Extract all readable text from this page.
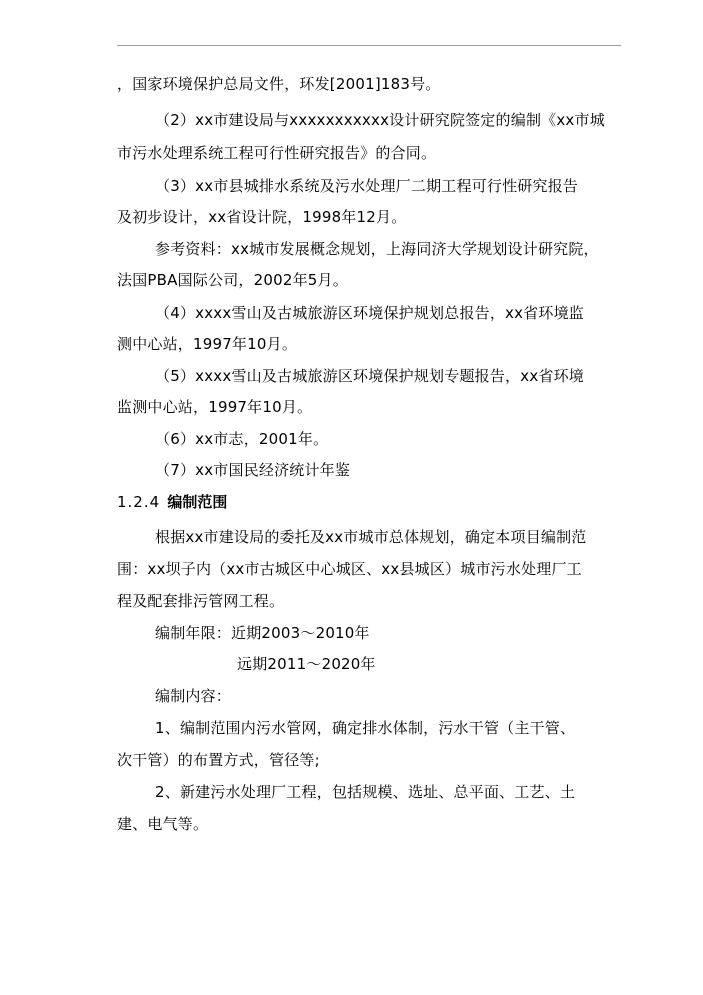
，国家环境保护总局文件，环发[2001]183号。
（2）xx市建设局与xxxxxxxxxxx设计研究院签定的编制《xx市城
市污水处理系统工程可行性研究报告》的合同。
（3）xx市县城排水系统及污水处理厂二期工程可行性研究报告
及初步设计，xx省设计院，1998年12月。
参考资料：xx城市发展概念规划，上海同济大学规划设计研究院，
法国PBA国际公司，2002年5月。
（4）xxxx雪山及古城旅游区环境保护规划总报告，xx省环境监
测中心站，1997年10月。
（5）xxxx雪山及古城旅游区环境保护规划专题报告，xx省环境
监测中心站，1997年10月。
（6）xx市志，2001年。
（7）xx市国民经济统计年鉴
1.2.4 编制范围
根据xx市建设局的委托及xx市城市总体规划，确定本项目编制范
围：xx坝子内（xx市古城区中心城区、xx县城区）城市污水处理厂工
程及配套排污管网工程。
编制年限：近期2003～2010年
远期2011～2020年
编制内容：
1、编制范围内污水管网，确定排水体制，污水干管（主干管、
次干管）的布置方式，管径等;
2、新建污水处理厂工程，包括规模、选址、总平面、工艺、土
建、电气等。
